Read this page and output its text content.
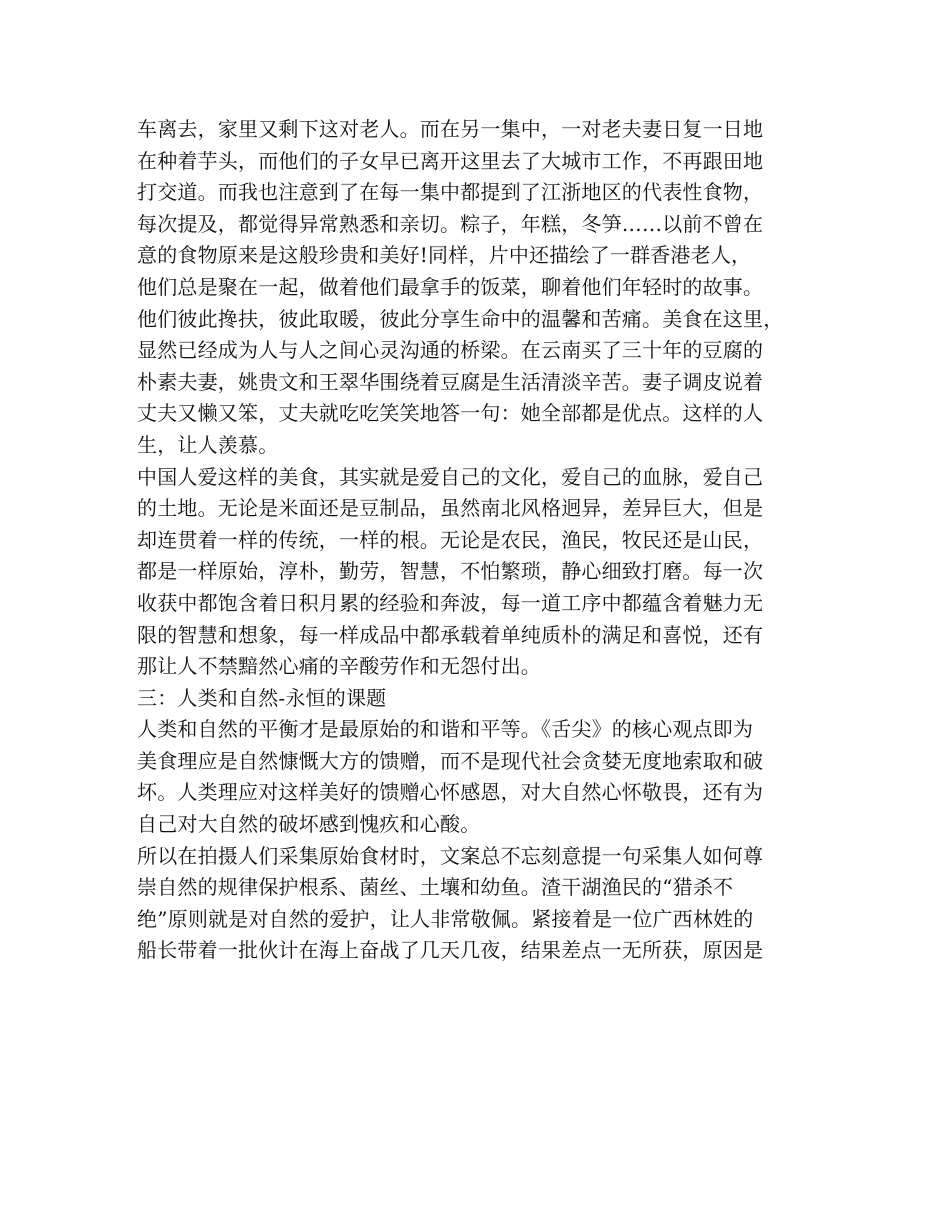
车离去，家里又剩下这对老人。而在另一集中，一对老夫妻日复一日地
在种着芋头，而他们的子女早已离开这里去了大城市工作，不再跟田地
打交道。而我也注意到了在每一集中都提到了江浙地区的代表性食物，
每次提及，都觉得异常熟悉和亲切。粽子，年糕，冬笋……以前不曾在
意的食物原来是这般珍贵和美好!同样，片中还描绘了一群香港老人，
他们总是聚在一起，做着他们最拿手的饭菜，聊着他们年轻时的故事。
他们彼此搀扶，彼此取暖，彼此分享生命中的温馨和苦痛。美食在这里，
显然已经成为人与人之间心灵沟通的桥梁。在云南买了三十年的豆腐的
朴素夫妻，姚贵文和王翠华围绕着豆腐是生活清淡辛苦。妻子调皮说着
丈夫又懒又笨，丈夫就吃吃笑笑地答一句：她全部都是优点。这样的人
生，让人羡慕。
中国人爱这样的美食，其实就是爱自己的文化，爱自己的血脉，爱自己
的土地。无论是米面还是豆制品，虽然南北风格迥异，差异巨大，但是
却连贯着一样的传统，一样的根。无论是农民，渔民，牧民还是山民，
都是一样原始，淳朴，勤劳，智慧，不怕繁琐，静心细致打磨。每一次
收获中都饱含着日积月累的经验和奔波，每一道工序中都蕴含着魅力无
限的智慧和想象，每一样成品中都承载着单纯质朴的满足和喜悦，还有
那让人不禁黯然心痛的辛酸劳作和无怨付出。
三：人类和自然-永恒的课题
人类和自然的平衡才是最原始的和谐和平等。《舌尖》的核心观点即为
美食理应是自然慷慨大方的馈赠，而不是现代社会贪婪无度地索取和破
坏。人类理应对这样美好的馈赠心怀感恩，对大自然心怀敬畏，还有为
自己对大自然的破坏感到愧疚和心酸。
所以在拍摄人们采集原始食材时，文案总不忘刻意提一句采集人如何尊
崇自然的规律保护根系、菌丝、土壤和幼鱼。渣干湖渔民的“猎杀不
绝”原则就是对自然的爱护，让人非常敬佩。紧接着是一位广西林姓的
船长带着一批伙计在海上奋战了几天几夜，结果差点一无所获，原因是
